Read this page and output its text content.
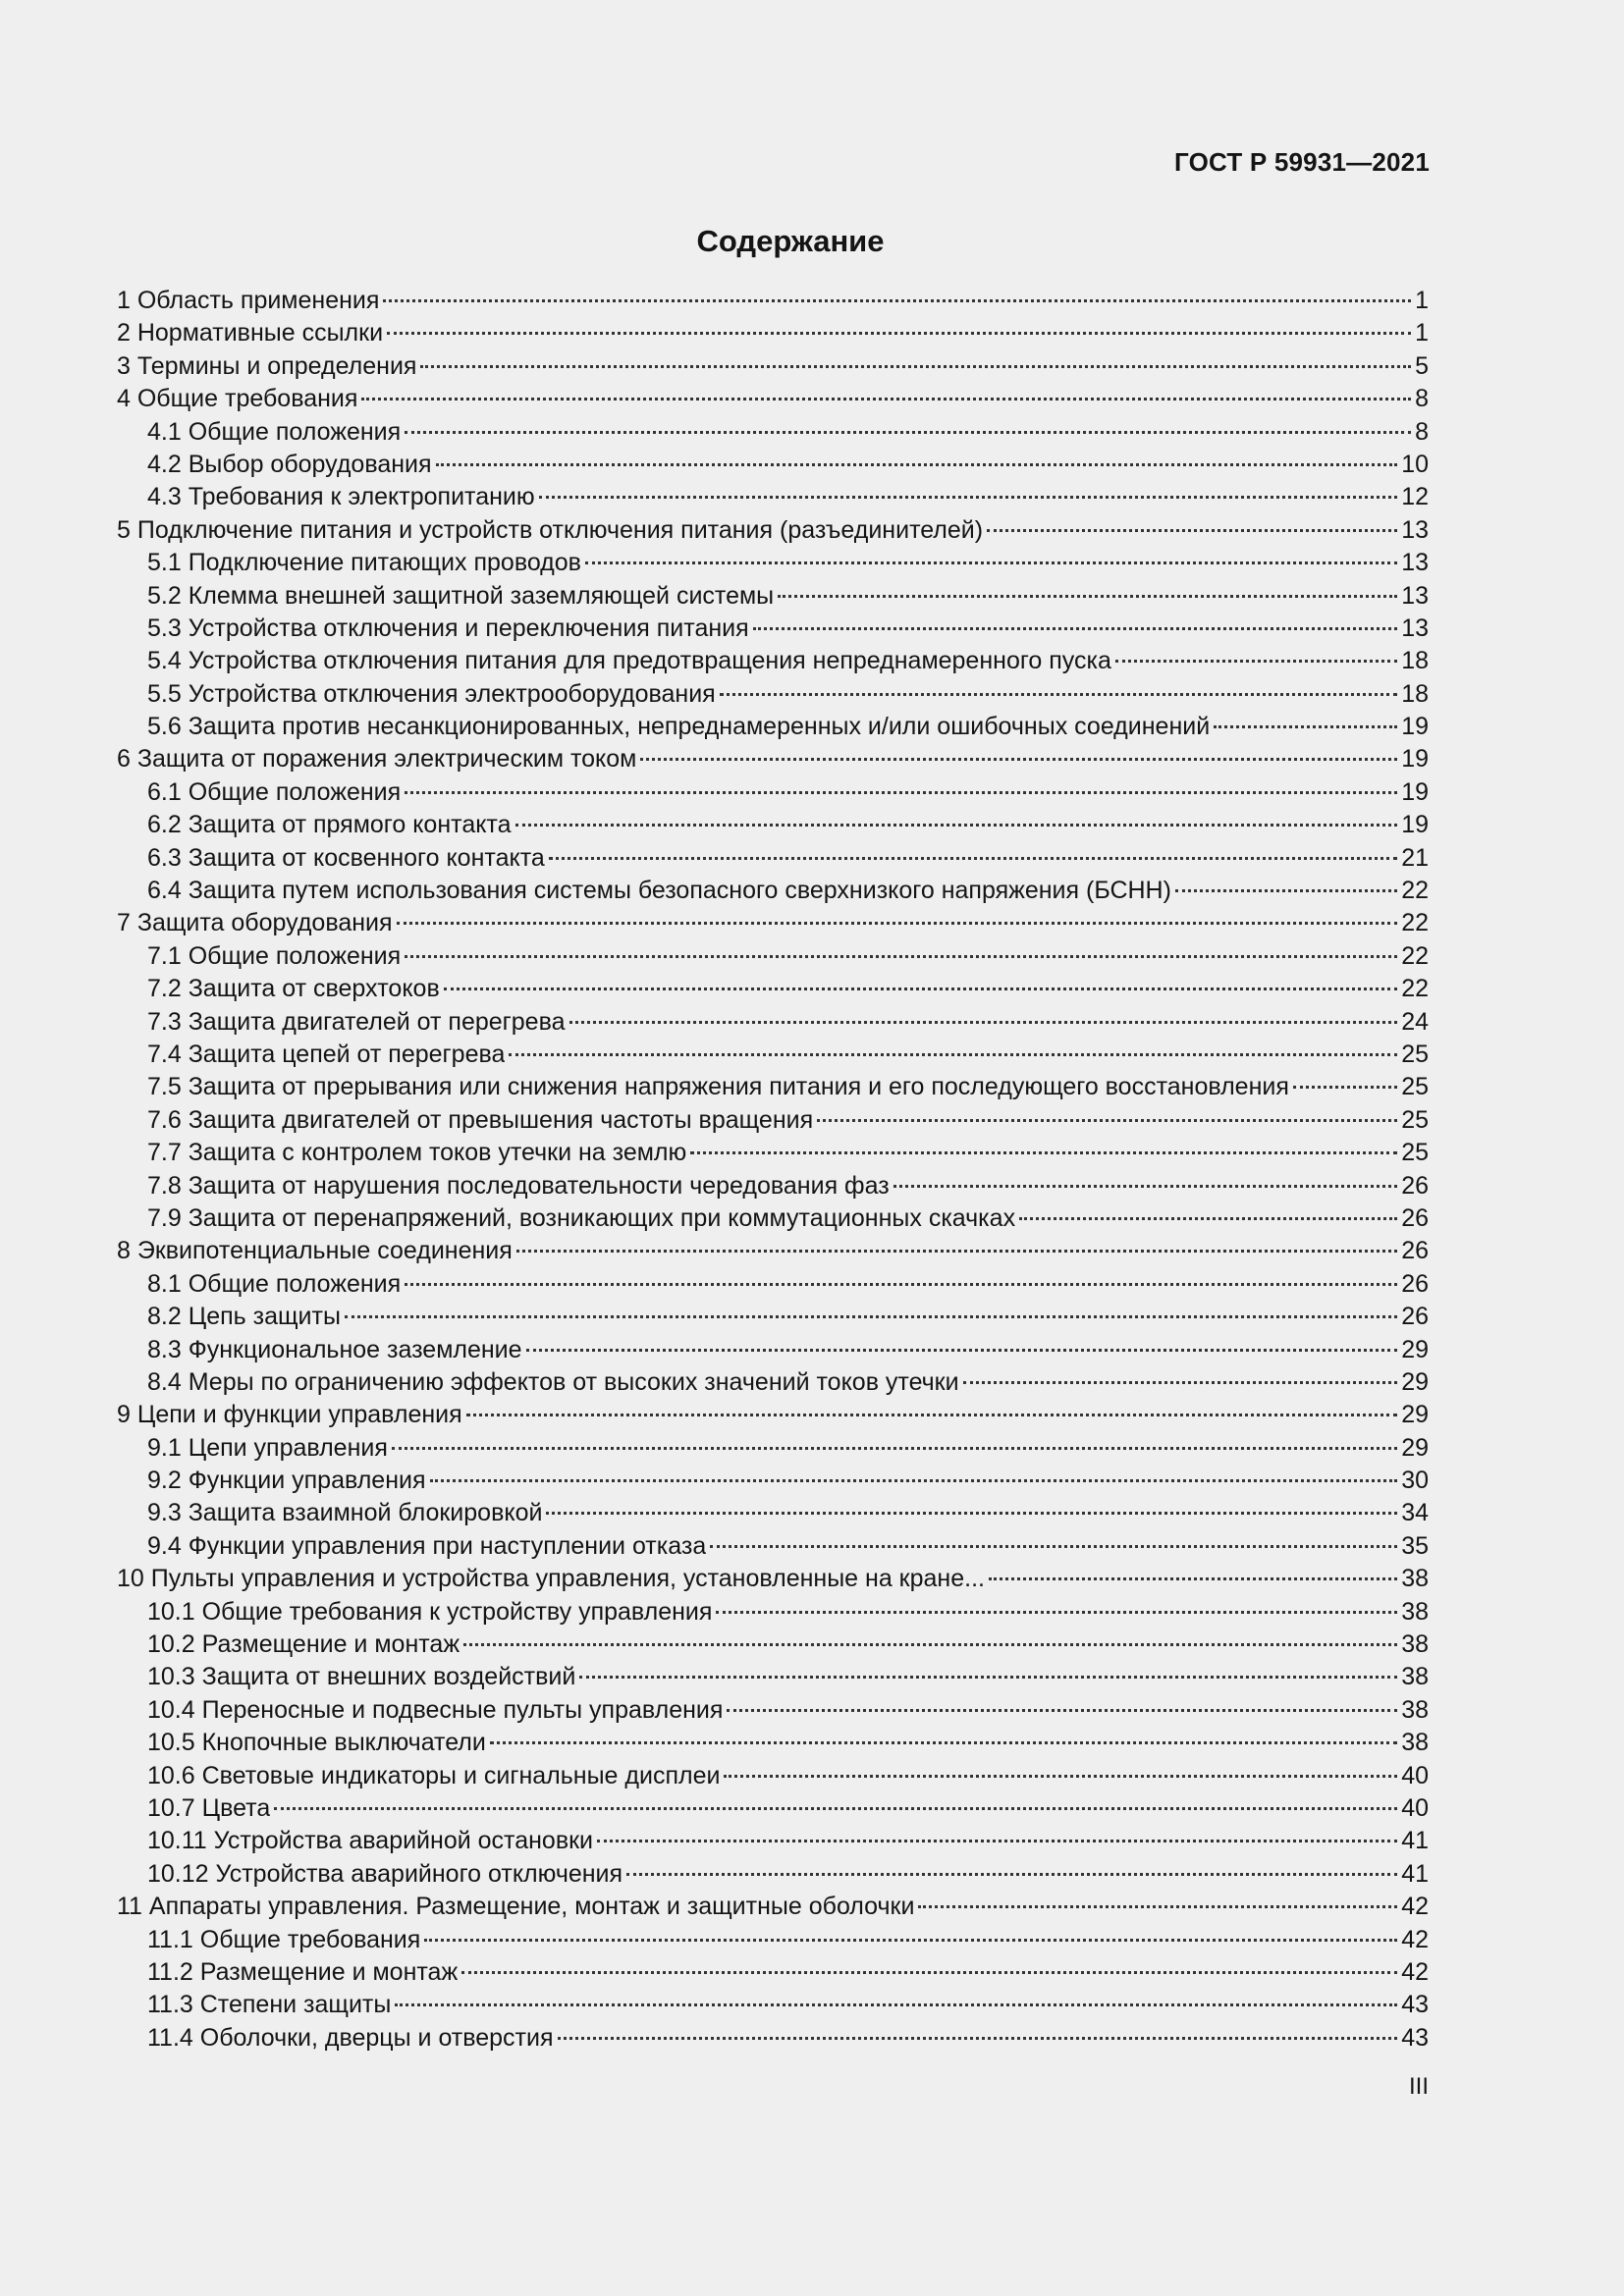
ГОСТ Р 59931—2021
Содержание
1 Область применения	1
2 Нормативные ссылки	1
3 Термины и определения	5
4 Общие требования	8
4.1 Общие положения	8
4.2 Выбор оборудования	10
4.3 Требования к электропитанию	12
5 Подключение питания и устройств отключения питания (разъединителей)	13
5.1 Подключение питающих проводов	13
5.2 Клемма внешней защитной заземляющей системы	13
5.3 Устройства отключения и переключения питания	13
5.4 Устройства отключения питания для предотвращения непреднамеренного пуска	18
5.5 Устройства отключения электрооборудования	18
5.6 Защита против несанкционированных, непреднамеренных и/или ошибочных соединений	19
6 Защита от поражения электрическим током	19
6.1 Общие положения	19
6.2 Защита от прямого контакта	19
6.3 Защита от косвенного контакта	21
6.4 Защита путем использования системы безопасного сверхнизкого напряжения (БСНН)	22
7 Защита оборудования	22
7.1 Общие положения	22
7.2 Защита от сверхтоков	22
7.3 Защита двигателей от перегрева	24
7.4 Защита цепей от перегрева	25
7.5 Защита от прерывания или снижения напряжения питания и его последующего восстановления	25
7.6 Защита двигателей от превышения частоты вращения	25
7.7 Защита с контролем токов утечки на землю	25
7.8 Защита от нарушения последовательности чередования фаз	26
7.9 Защита от перенапряжений, возникающих при коммутационных скачках	26
8 Эквипотенциальные соединения	26
8.1 Общие положения	26
8.2 Цепь защиты	26
8.3 Функциональное заземление	29
8.4 Меры по ограничению эффектов от высоких значений токов утечки	29
9 Цепи и функции управления	29
9.1 Цепи управления	29
9.2 Функции управления	30
9.3 Защита взаимной блокировкой	34
9.4 Функции управления при наступлении отказа	35
10 Пульты управления и устройства управления, установленные на кране...	38
10.1 Общие требования к устройству управления	38
10.2 Размещение и монтаж	38
10.3 Защита от внешних воздействий	38
10.4 Переносные и подвесные пульты управления	38
10.5 Кнопочные выключатели	38
10.6 Световые индикаторы и сигнальные дисплеи	40
10.7 Цвета	40
10.11 Устройства аварийной остановки	41
10.12 Устройства аварийного отключения	41
11 Аппараты управления. Размещение, монтаж и защитные оболочки	42
11.1 Общие требования	42
11.2 Размещение и монтаж	42
11.3 Степени защиты	43
11.4 Оболочки, дверцы и отверстия	43
III
